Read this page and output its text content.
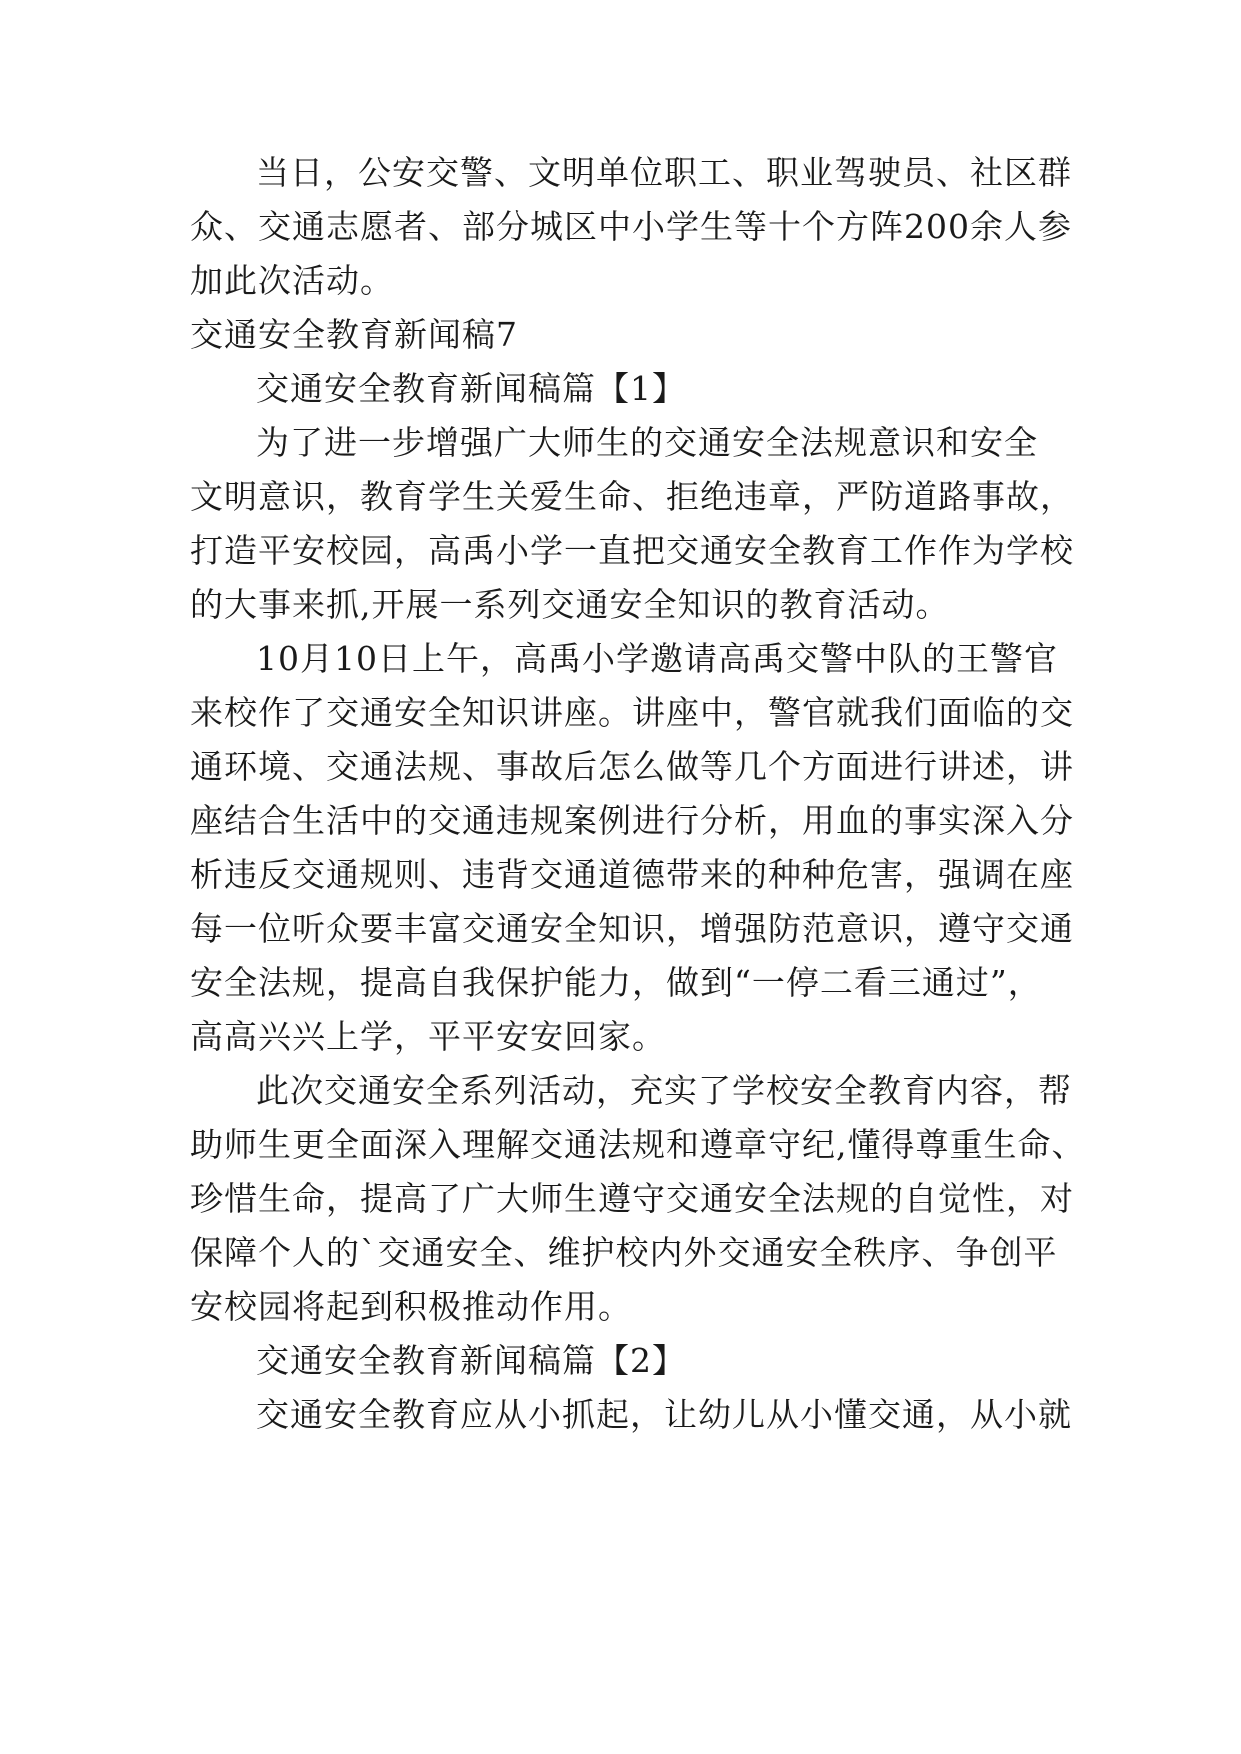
当日，公安交警、文明单位职工、职业驾驶员、社区群
众、交通志愿者、部分城区中小学生等十个方阵200余人参
加此次活动。
交通安全教育新闻稿7
交通安全教育新闻稿篇【1】
为了进一步增强广大师生的交通安全法规意识和安全
文明意识，教育学生关爱生命、拒绝违章，严防道路事故，
打造平安校园，高禹小学一直把交通安全教育工作作为学校
的大事来抓,开展一系列交通安全知识的教育活动。
10月10日上午，高禹小学邀请高禹交警中队的王警官
来校作了交通安全知识讲座。讲座中，警官就我们面临的交
通环境、交通法规、事故后怎么做等几个方面进行讲述，讲
座结合生活中的交通违规案例进行分析，用血的事实深入分
析违反交通规则、违背交通道德带来的种种危害，强调在座
每一位听众要丰富交通安全知识，增强防范意识，遵守交通
安全法规，提高自我保护能力，做到“一停二看三通过”，
高高兴兴上学，平平安安回家。
此次交通安全系列活动，充实了学校安全教育内容，帮
助师生更全面深入理解交通法规和遵章守纪,懂得尊重生命、
珍惜生命，提高了广大师生遵守交通安全法规的自觉性，对
保障个人的`交通安全、维护校内外交通安全秩序、争创平
安校园将起到积极推动作用。
交通安全教育新闻稿篇【2】
交通安全教育应从小抓起，让幼儿从小懂交通，从小就
